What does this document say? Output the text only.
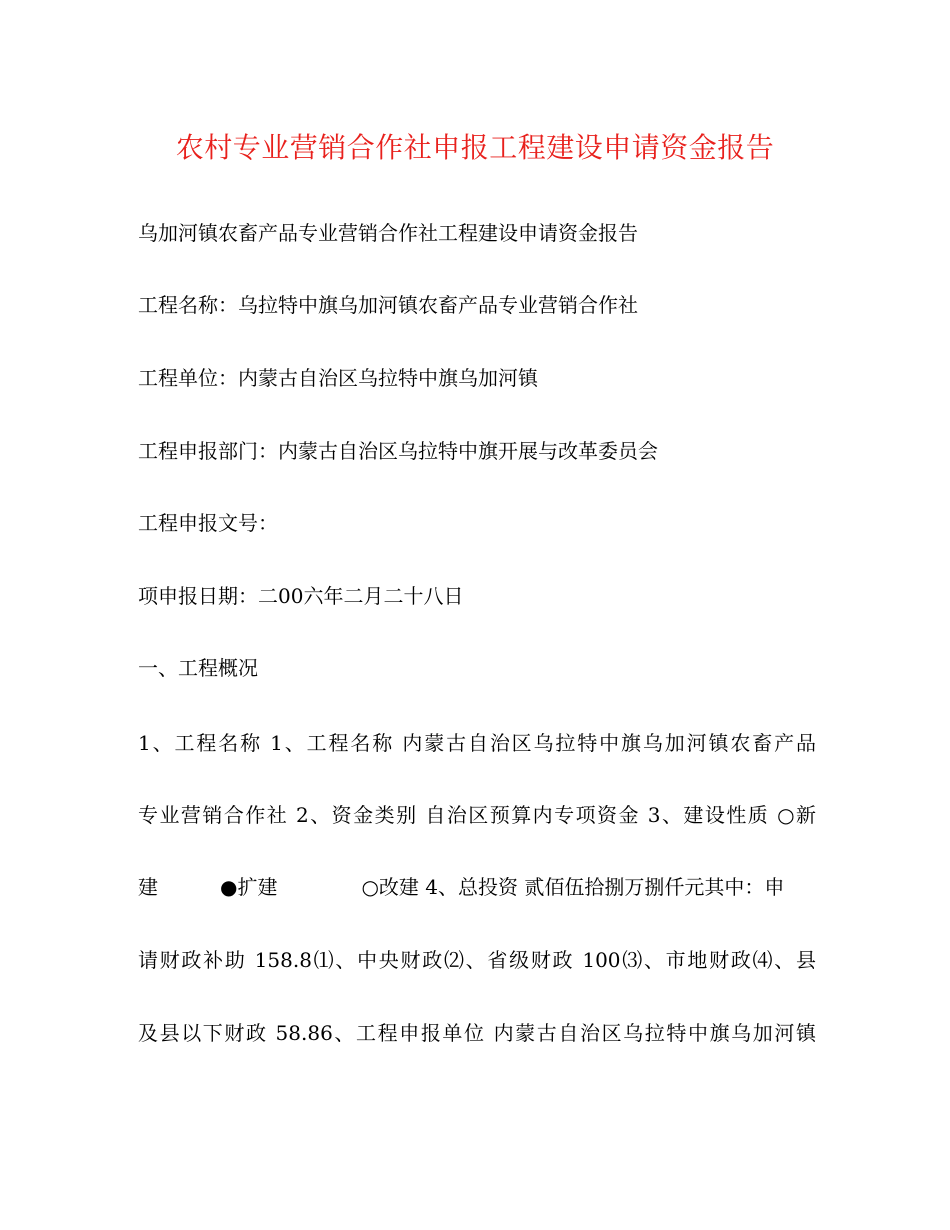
农村专业营销合作社申报工程建设申请资金报告

乌加河镇农畜产品专业营销合作社工程建设申请资金报告

工程名称：乌拉特中旗乌加河镇农畜产品专业营销合作社

工程单位：内蒙古自治区乌拉特中旗乌加河镇

工程申报部门：内蒙古自治区乌拉特中旗开展与改革委员会

工程申报文号：

项申报日期：二00六年二月二十八日

一、工程概况

1、工程名称 1、工程名称 内蒙古自治区乌拉特中旗乌加河镇农畜产品

专业营销合作社 2、资金类别 自治区预算内专项资金 3、建设性质 ○新

建	●扩建	○改建 4、总投资 贰佰伍拾捌万捌仟元其中：申

请财政补助 158.8⑴、中央财政⑵、省级财政 100⑶、市地财政⑷、县

及县以下财政 58.86、工程申报单位 内蒙古自治区乌拉特中旗乌加河镇
